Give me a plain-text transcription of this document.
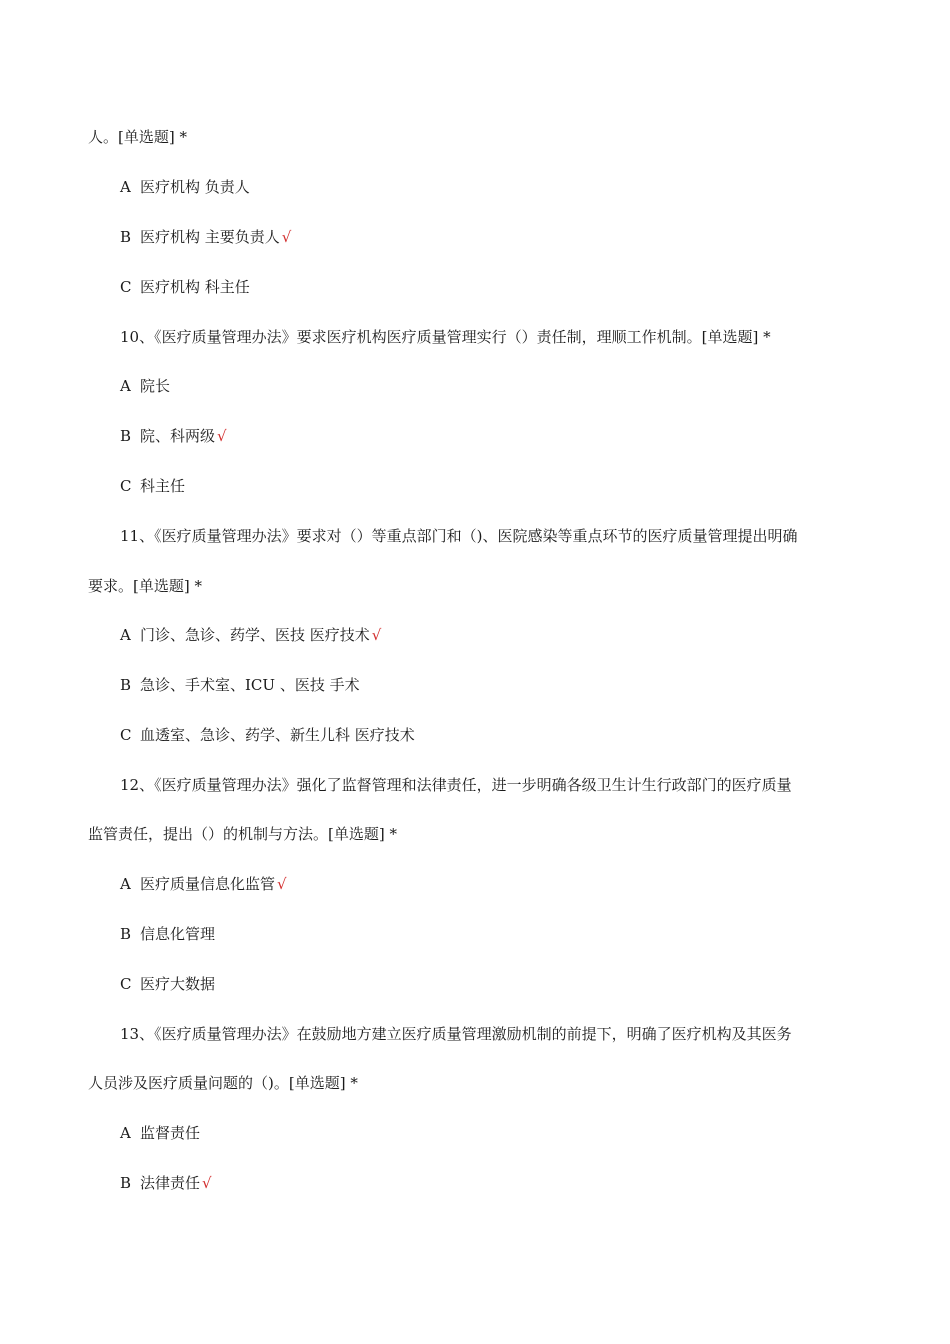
人。[单选题] *
A 医疗机构 负责人
B 医疗机构 主要负责人 √
C 医疗机构 科主任
10、《医疗质量管理办法》要求医疗机构医疗质量管理实行（）责任制，理顺工作机制。[单选题] *
A 院长
B 院、科两级 √
C 科主任
11、《医疗质量管理办法》要求对（）等重点部门和（)、医院感染等重点环节的医疗质量管理提出明确
要求。[单选题] *
A 门诊、急诊、药学、医技 医疗技术 √
B 急诊、手术室、ICU 、医技 手术
C 血透室、急诊、药学、新生儿科 医疗技术
12、《医疗质量管理办法》强化了监督管理和法律责任，进一步明确各级卫生计生行政部门的医疗质量
监管责任，提出（）的机制与方法。[单选题] *
A 医疗质量信息化监管 √
B 信息化管理
C 医疗大数据
13、《医疗质量管理办法》在鼓励地方建立医疗质量管理激励机制的前提下，明确了医疗机构及其医务
人员涉及医疗质量问题的（)。[单选题] *
A 监督责任
B 法律责任 √
